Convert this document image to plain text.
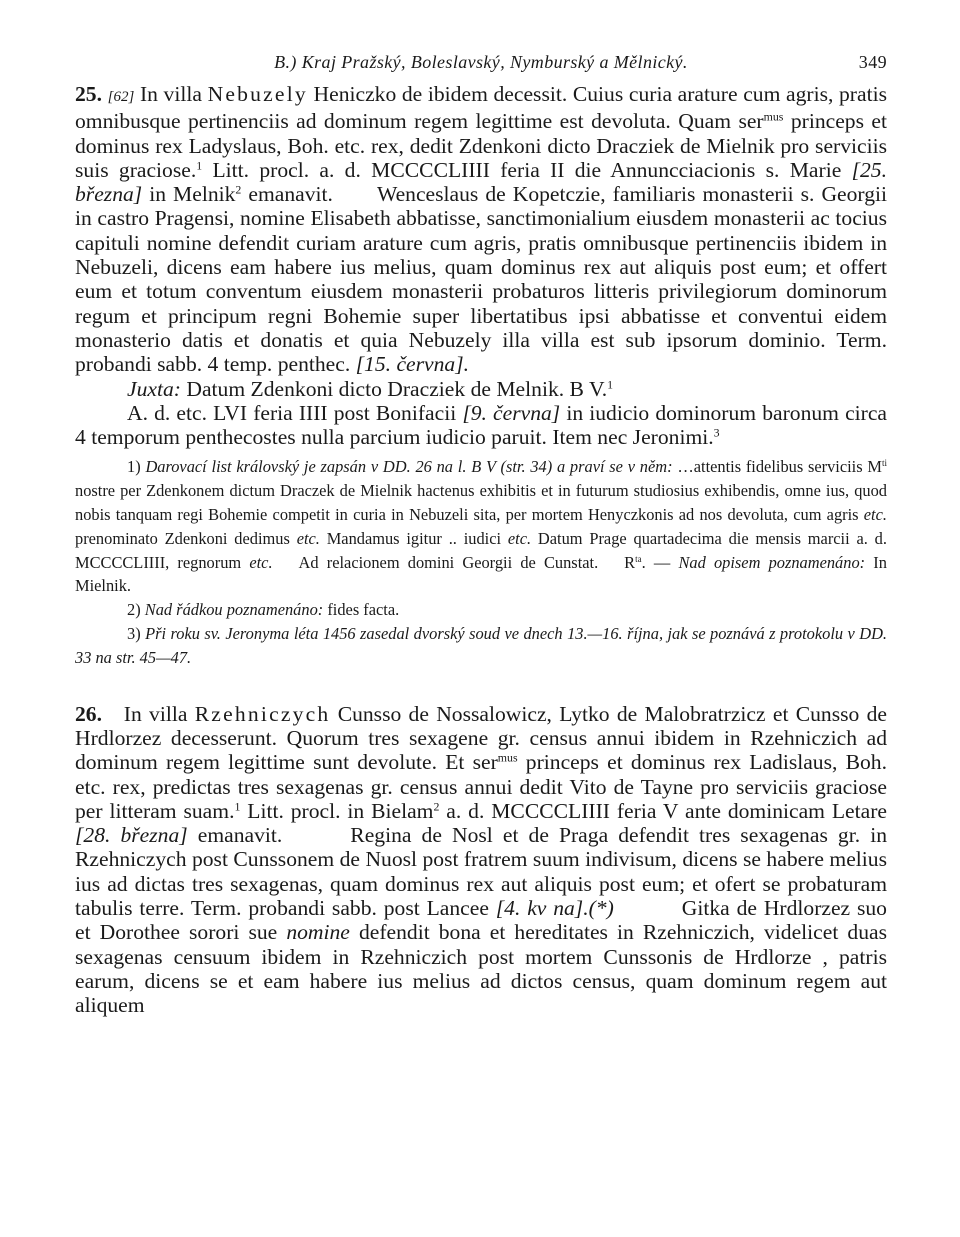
B.) Kraj Pražský, Boleslavský, Nymburský a Mělnický.	349

25. [62] In villa Nebuzely Heniczko de ibidem decessit. Cuius curia arature cum agris, pratis omnibusque pertinenciis ad dominum regem legittime est devoluta. Quam ser$^{mus}$ princeps et dominus rex Ladyslaus, Boh. etc. rex, dedit Zdenkoni dicto Dracziek de Mielnik pro serviciis suis graciose.$^1$ Litt. procl. a. d. MCCCCLIIII feria II die Annuncciacionis s. Marie [25. března] in Melnik$^2$ emanavit. Wenceslaus de Kopetczie, familiaris monasterii s. Georgii in castro Pragensi, nomine Elisabeth abbatisse, sanctimonialium eiusdem monasterii ac tocius capituli nomine defendit curiam arature cum agris, pratis omnibusque pertinenciis ibidem in Nebuzeli, dicens eam habere ius melius, quam dominus rex aut aliquis post eum; et offert eum et totum conventum eiusdem monasterii probaturos litteris privilegiorum dominorum regum et principum regni Bohemie super libertatibus ipsi abbatisse et conventui eidem monasterio datis et donatis et quia Nebuzely illa villa est sub ipsorum dominio. Term. probandi sabb. 4 temp. penthec. [15. června].

Juxta: Datum Zdenkoni dicto Dracziek de Melnik. B V.$^1$

A. d. etc. LVI feria IIII post Bonifacii [9. června] in iudicio dominorum baronum circa 4 temporum penthecostes nulla parcium iudicio paruit. Item nec Jeronimi.$^3$

1) Darovací list královský je zapsán v DD. 26 na l. B V (str. 34) a praví se v něm: …attentis fidelibus serviciis $M^{ti}$ nostre per Zdenkonem dictum Draczek de Mielnik hactenus exhibitis et in futurum studiosius exhibendis, omne ius, quod nobis tanquam regi Bohemie competit in curia in Nebuzeli sita, per mortem Henyczkonis ad nos devoluta, cum agris etc. prenominato Zdenkoni dedimus etc. Mandamus igitur .. iudici etc. Datum Prage quartadecima die mensis marcii a. d. MCCCCLIIII, regnorum etc. Ad relacionem domini Georgii de Cunstat. $R^{ta}$. — Nad opisem poznamenáno: In Mielnik.

2) Nad řádkou poznamenáno: fides facta.

3) Při roku sv. Jeronyma léta 1456 zasedal dvorský soud ve dnech 13.—16. října, jak se poznává z protokolu v DD. 33 na str. 45—47.

26. In villa Rzehniczych Cunsso de Nossalowicz, Lytko de Malobratrzicz et Cunsso de Hrdlorzez decesserunt. Quorum tres sexagene gr. census annui ibidem in Rzehniczich ad dominum regem legittime sunt devolute. Et ser$^{mus}$ princeps et dominus rex Ladislaus, Boh. etc. rex, predictas tres sexagenas gr. census annui dedit Vito de Tayne pro serviciis graciose per litteram suam.$^1$ Litt. procl. in Bielam$^2$ a. d. MCCCCLIIII feria V ante dominicam Letare [28. března] emanavit.	Regina de Nosl et de Praga defendit tres sexagenas gr. in Rzehniczych post Cunssonem de Nuosl post fratrem suum indivisum, dicens se habere melius ius ad dictas tres sexagenas, quam dominus rex aut aliquis post eum; et ofert se probaturam tabulis terre. Term. probandi sabb. post Lancee [4. kv na].(*)	Gitka de Hrdlorzez suo et Dorothee sorori sue nomine defendit bona et hereditates in Rzehniczich, videlicet duas sexagenas censuum ibidem in Rzehniczich post mortem Cunssonis de Hrdlorze , patris earum, dicens se et eam habere ius melius ad dictos census, quam dominum regem aut aliquem
